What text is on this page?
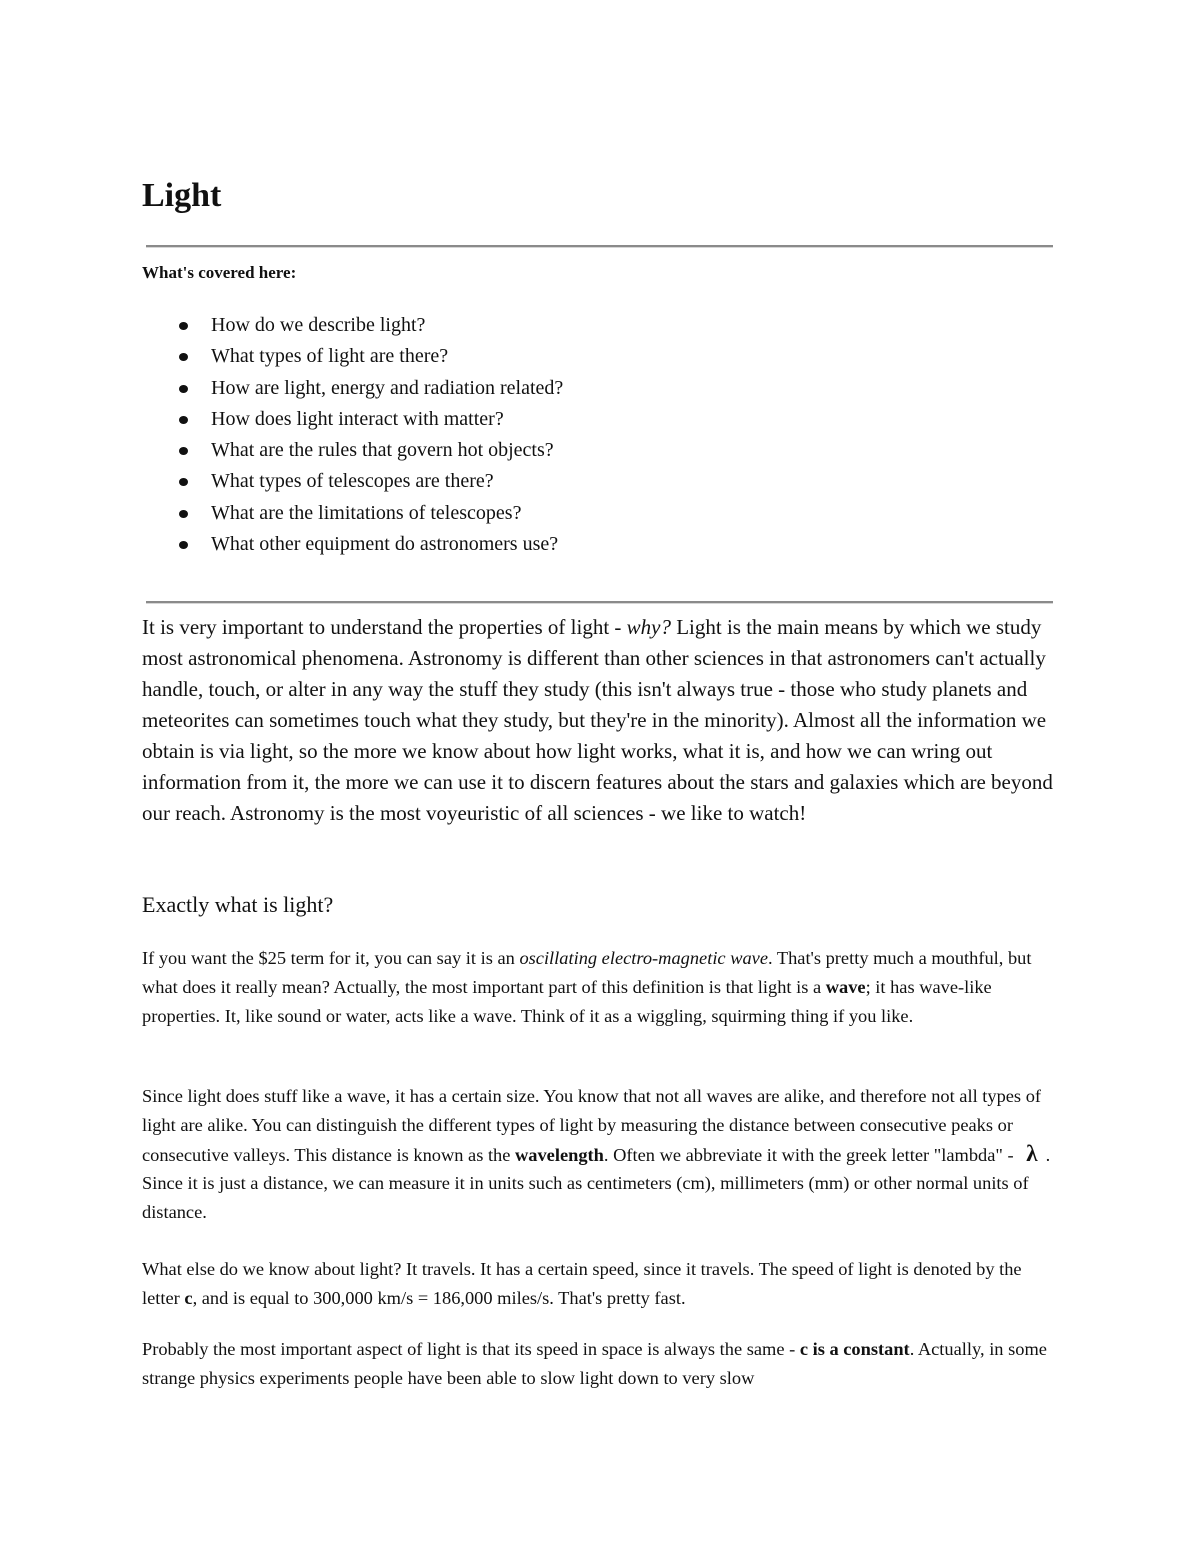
Light

What's covered here:

How do we describe light?
What types of light are there?
How are light, energy and radiation related?
How does light interact with matter?
What are the rules that govern hot objects?
What types of telescopes are there?
What are the limitations of telescopes?
What other equipment do astronomers use?

It is very important to understand the properties of light - why? Light is the main means by which we study most astronomical phenomena. Astronomy is different than other sciences in that astronomers can't actually handle, touch, or alter in any way the stuff they study (this isn't always true - those who study planets and meteorites can sometimes touch what they study, but they're in the minority). Almost all the information we obtain is via light, so the more we know about how light works, what it is, and how we can wring out information from it, the more we can use it to discern features about the stars and galaxies which are beyond our reach. Astronomy is the most voyeuristic of all sciences - we like to watch!

Exactly what is light?

If you want the $25 term for it, you can say it is an oscillating electro-magnetic wave. That's pretty much a mouthful, but what does it really mean? Actually, the most important part of this definition is that light is a wave; it has wave-like properties. It, like sound or water, acts like a wave. Think of it as a wiggling, squirming thing if you like.

Since light does stuff like a wave, it has a certain size. You know that not all waves are alike, and therefore not all types of light are alike. You can distinguish the different types of light by measuring the distance between consecutive peaks or consecutive valleys. This distance is known as the wavelength. Often we abbreviate it with the greek letter "lambda" - λ . Since it is just a distance, we can measure it in units such as centimeters (cm), millimeters (mm) or other normal units of distance.

What else do we know about light? It travels. It has a certain speed, since it travels. The speed of light is denoted by the letter c, and is equal to 300,000 km/s = 186,000 miles/s. That's pretty fast.

Probably the most important aspect of light is that its speed in space is always the same - c is a constant. Actually, in some strange physics experiments people have been able to slow light down to very slow
